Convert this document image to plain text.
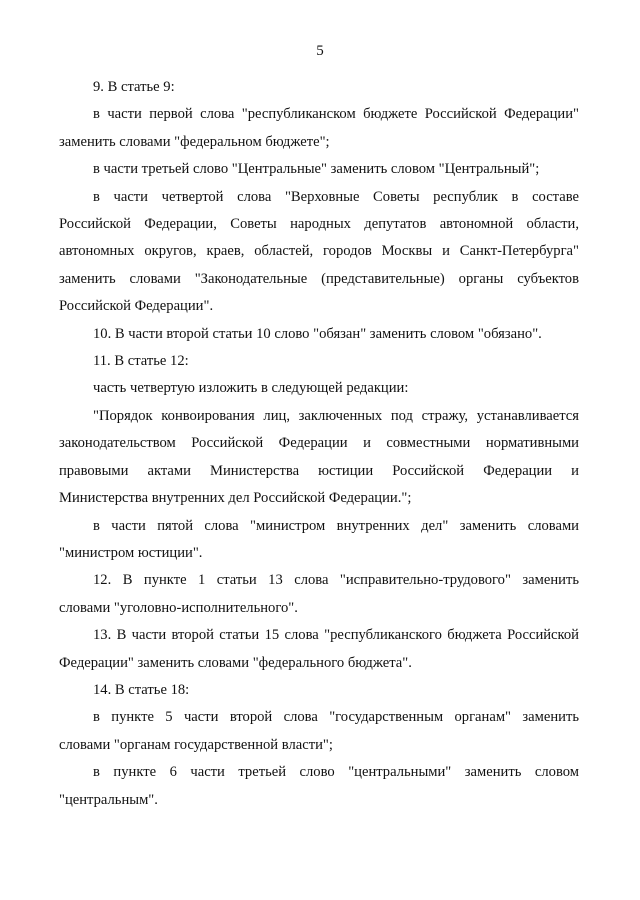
5
9. В статье 9:
в части первой слова "республиканском бюджете Российской Федерации"
заменить словами "федеральном бюджете";
в части третьей слово "Центральные" заменить словом "Центральный";
в части четвертой слова "Верховные Советы республик в составе
Российской Федерации, Советы народных депутатов автономной области,
автономных округов, краев, областей, городов Москвы и Санкт-Петербурга"
заменить словами "Законодательные (представительные) органы субъектов
Российской Федерации".
10. В части второй статьи 10 слово "обязан" заменить словом "обязано".
11. В статье 12:
часть четвертую изложить в следующей редакции:
"Порядок конвоирования лиц, заключенных под стражу, устанавливается
законодательством Российской Федерации и совместными нормативными
правовыми актами Министерства юстиции Российской Федерации и
Министерства внутренних дел Российской Федерации.";
в части пятой слова "министром внутренних дел" заменить словами
"министром юстиции".
12. В пункте 1 статьи 13 слова "исправительно-трудового" заменить
словами "уголовно-исполнительного".
13. В части второй статьи 15 слова "республиканского бюджета Российской
Федерации" заменить словами "федерального бюджета".
14. В статье 18:
в пункте 5 части второй слова "государственным органам" заменить
словами "органам государственной власти";
в пункте 6 части третьей слово "центральными" заменить словом
"центральным".
